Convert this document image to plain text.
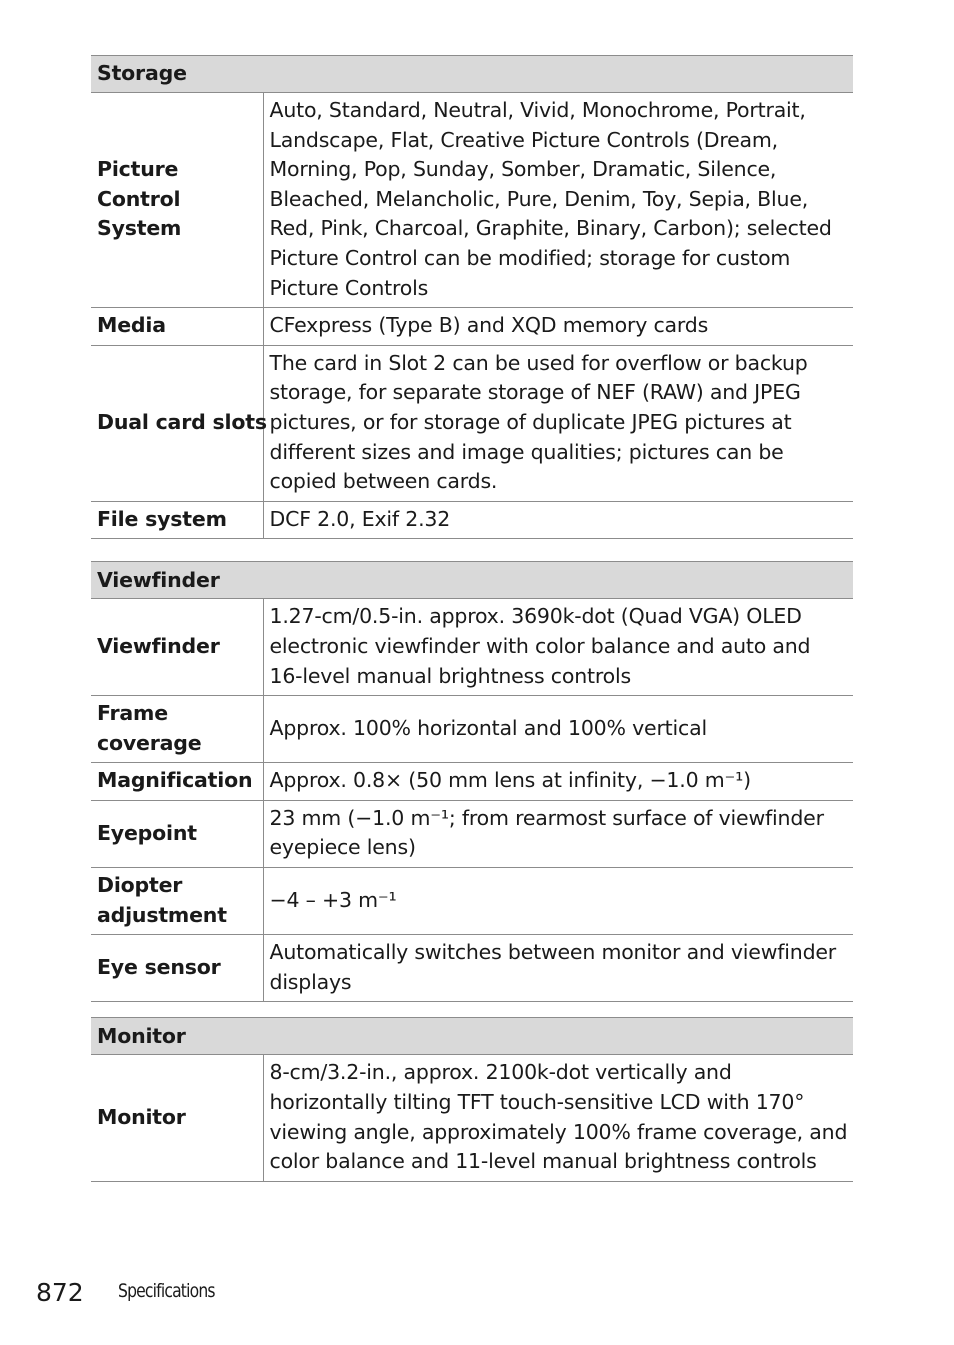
Storage	
Picture Control System	Auto, Standard, Neutral, Vivid, Monochrome, Portrait, Landscape, Flat, Creative Picture Controls (Dream, Morning, Pop, Sunday, Somber, Dramatic, Silence, Bleached, Melancholic, Pure, Denim, Toy, Sepia, Blue, Red, Pink, Charcoal, Graphite, Binary, Carbon); selected Picture Control can be modified; storage for custom Picture Controls
Media	CFexpress (Type B) and XQD memory cards
Dual card slots	The card in Slot 2 can be used for overflow or backup storage, for separate storage of NEF (RAW) and JPEG pictures, or for storage of duplicate JPEG pictures at different sizes and image qualities; pictures can be copied between cards.
File system	DCF 2.0, Exif 2.32

Viewfinder	
Viewfinder	1.27-cm/0.5-in. approx. 3690k-dot (Quad VGA) OLED electronic viewfinder with color balance and auto and 16-level manual brightness controls
Frame coverage	Approx. 100% horizontal and 100% vertical
Magnification	Approx. 0.8× (50 mm lens at infinity, −1.0 m⁻¹)
Eyepoint	23 mm (−1.0 m⁻¹; from rearmost surface of viewfinder eyepiece lens)
Diopter adjustment	−4 – +3 m⁻¹
Eye sensor	Automatically switches between monitor and viewfinder displays

Monitor	
Monitor	8-cm/3.2-in., approx. 2100k-dot vertically and horizontally tilting TFT touch-sensitive LCD with 170° viewing angle, approximately 100% frame coverage, and color balance and 11-level manual brightness controls
872 Specifications
